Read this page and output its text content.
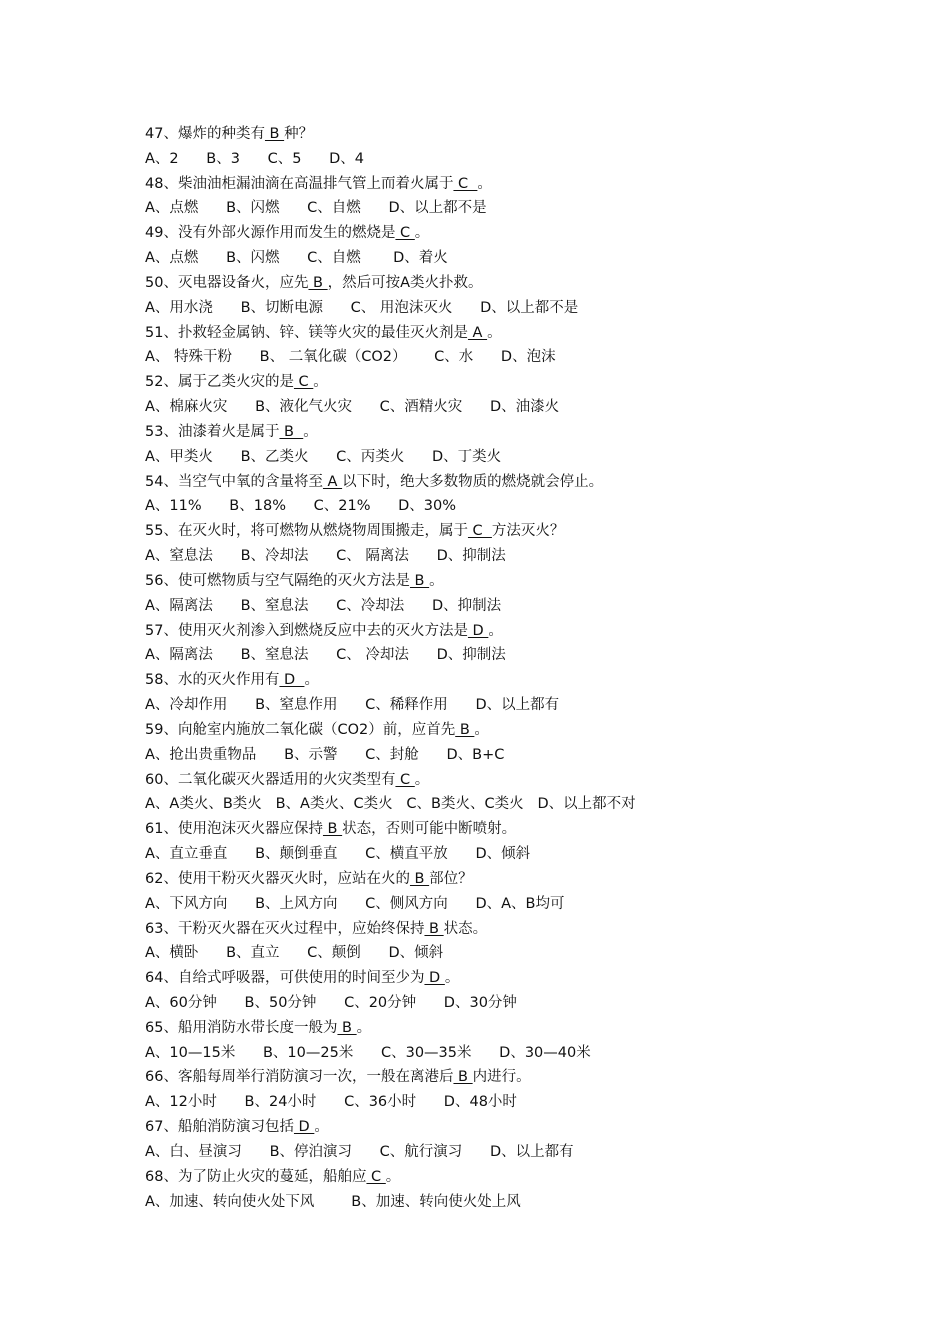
47、爆炸的种类有 B 种？
A、2      B、3      C、5      D、4
48、柴油油柜漏油滴在高温排气管上而着火属于 C  。
A、点燃      B、闪燃      C、自燃      D、以上都不是
49、没有外部火源作用而发生的燃烧是 C 。
A、点燃      B、闪燃      C、自燃       D、着火
50、灭电器设备火，应先 B ，然后可按A类火扑救。
A、用水浇      B、切断电源      C、 用泡沫灭火      D、以上都不是
51、扑救轻金属钠、锌、镁等火灾的最佳灭火剂是 A 。
A、 特殊干粉      B、 二氧化碳（CO2）      C、水      D、泡沫
52、属于乙类火灾的是 C 。
A、棉麻火灾      B、液化气火灾      C、酒精火灾      D、油漆火
53、油漆着火是属于 B  。
A、甲类火      B、乙类火      C、丙类火      D、丁类火
54、当空气中氧的含量将至 A 以下时，绝大多数物质的燃烧就会停止。
A、11%      B、18%      C、21%      D、30%
55、在灭火时，将可燃物从燃烧物周围搬走，属于 C  方法灭火？
A、窒息法      B、冷却法      C、 隔离法      D、抑制法
56、使可燃物质与空气隔绝的灭火方法是 B 。
A、隔离法      B、窒息法      C、冷却法      D、抑制法
57、使用灭火剂渗入到燃烧反应中去的灭火方法是 D 。
A、隔离法      B、窒息法      C、 冷却法      D、抑制法
58、水的灭火作用有 D  。
A、冷却作用      B、窒息作用      C、稀释作用      D、以上都有
59、向舱室内施放二氧化碳（CO2）前，应首先 B 。
A、抢出贵重物品      B、示警      C、封舱      D、B+C
60、二氧化碳灭火器适用的火灾类型有 C 。
A、A类火、B类火   B、A类火、C类火   C、B类火、C类火   D、以上都不对
61、使用泡沫灭火器应保持 B 状态，否则可能中断喷射。
A、直立垂直      B、颠倒垂直      C、横直平放      D、倾斜
62、使用干粉灭火器灭火时，应站在火的 B 部位？
A、下风方向      B、上风方向      C、侧风方向      D、A、B均可
63、干粉灭火器在灭火过程中，应始终保持 B 状态。
A、横卧      B、直立      C、颠倒      D、倾斜
64、自给式呼吸器，可供使用的时间至少为 D 。
A、60分钟      B、50分钟      C、20分钟      D、30分钟
65、船用消防水带长度一般为 B 。
A、10—15米      B、10—25米      C、30—35米      D、30—40米
66、客船每周举行消防演习一次，一般在离港后 B 内进行。
A、12小时      B、24小时      C、36小时      D、48小时
67、船舶消防演习包括 D 。
A、白、昼演习      B、停泊演习      C、航行演习      D、以上都有
68、为了防止火灾的蔓延，船舶应 C 。
A、加速、转向使火处下风        B、加速、转向使火处上风
